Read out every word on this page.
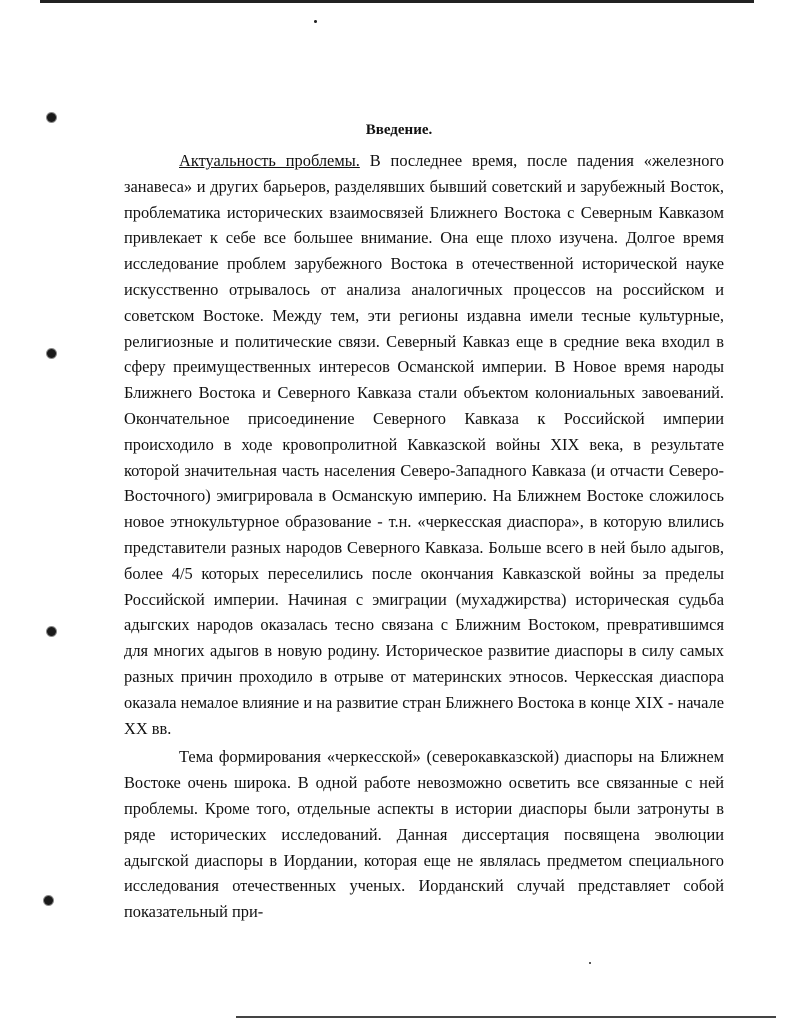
Введение.

Актуальность проблемы. В последнее время, после падения «железного занавеса» и других барьеров, разделявших бывший советский и зарубежный Восток, проблематика исторических взаимосвязей Ближнего Востока с Северным Кавказом привлекает к себе все большее внимание. Она еще плохо изучена. Долгое время исследование проблем зарубежного Востока в отечественной исторической науке искусственно отрывалось от анализа аналогичных процессов на российском и советском Востоке. Между тем, эти регионы издавна имели тесные культурные, религиозные и политические связи. Северный Кавказ еще в средние века входил в сферу преимущественных интересов Османской империи. В Новое время народы Ближнего Востока и Северного Кавказа стали объектом колониальных завоеваний. Окончательное присоединение Северного Кавказа к Российской империи происходило в ходе кровопролитной Кавказской войны XIX века, в результате которой значительная часть населения Северо-Западного Кавказа (и отчасти Северо-Восточного) эмигрировала в Османскую империю. На Ближнем Востоке сложилось новое этнокультурное образование - т.н. «черкесская диаспора», в которую влились представители разных народов Северного Кавказа. Больше всего в ней было адыгов, более 4/5 которых переселились после окончания Кавказской войны за пределы Российской империи. Начиная с эмиграции (мухаджирства) историческая судьба адыгских народов оказалась тесно связана с Ближним Востоком, превратившимся для многих адыгов в новую родину. Историческое развитие диаспоры в силу самых разных причин проходило в отрыве от материнских этносов. Черкесская диаспора оказала немалое влияние и на развитие стран Ближнего Востока в конце XIX - начале XX вв.

Тема формирования «черкесской» (северокавказской) диаспоры на Ближнем Востоке очень широка. В одной работе невозможно осветить все связанные с ней проблемы. Кроме того, отдельные аспекты в истории диаспоры были затронуты в ряде исторических исследований. Данная диссертация посвящена эволюции адыгской диаспоры в Иордании, которая еще не являлась предметом специального исследования отечественных ученых. Иорданский случай представляет собой показательный при-
